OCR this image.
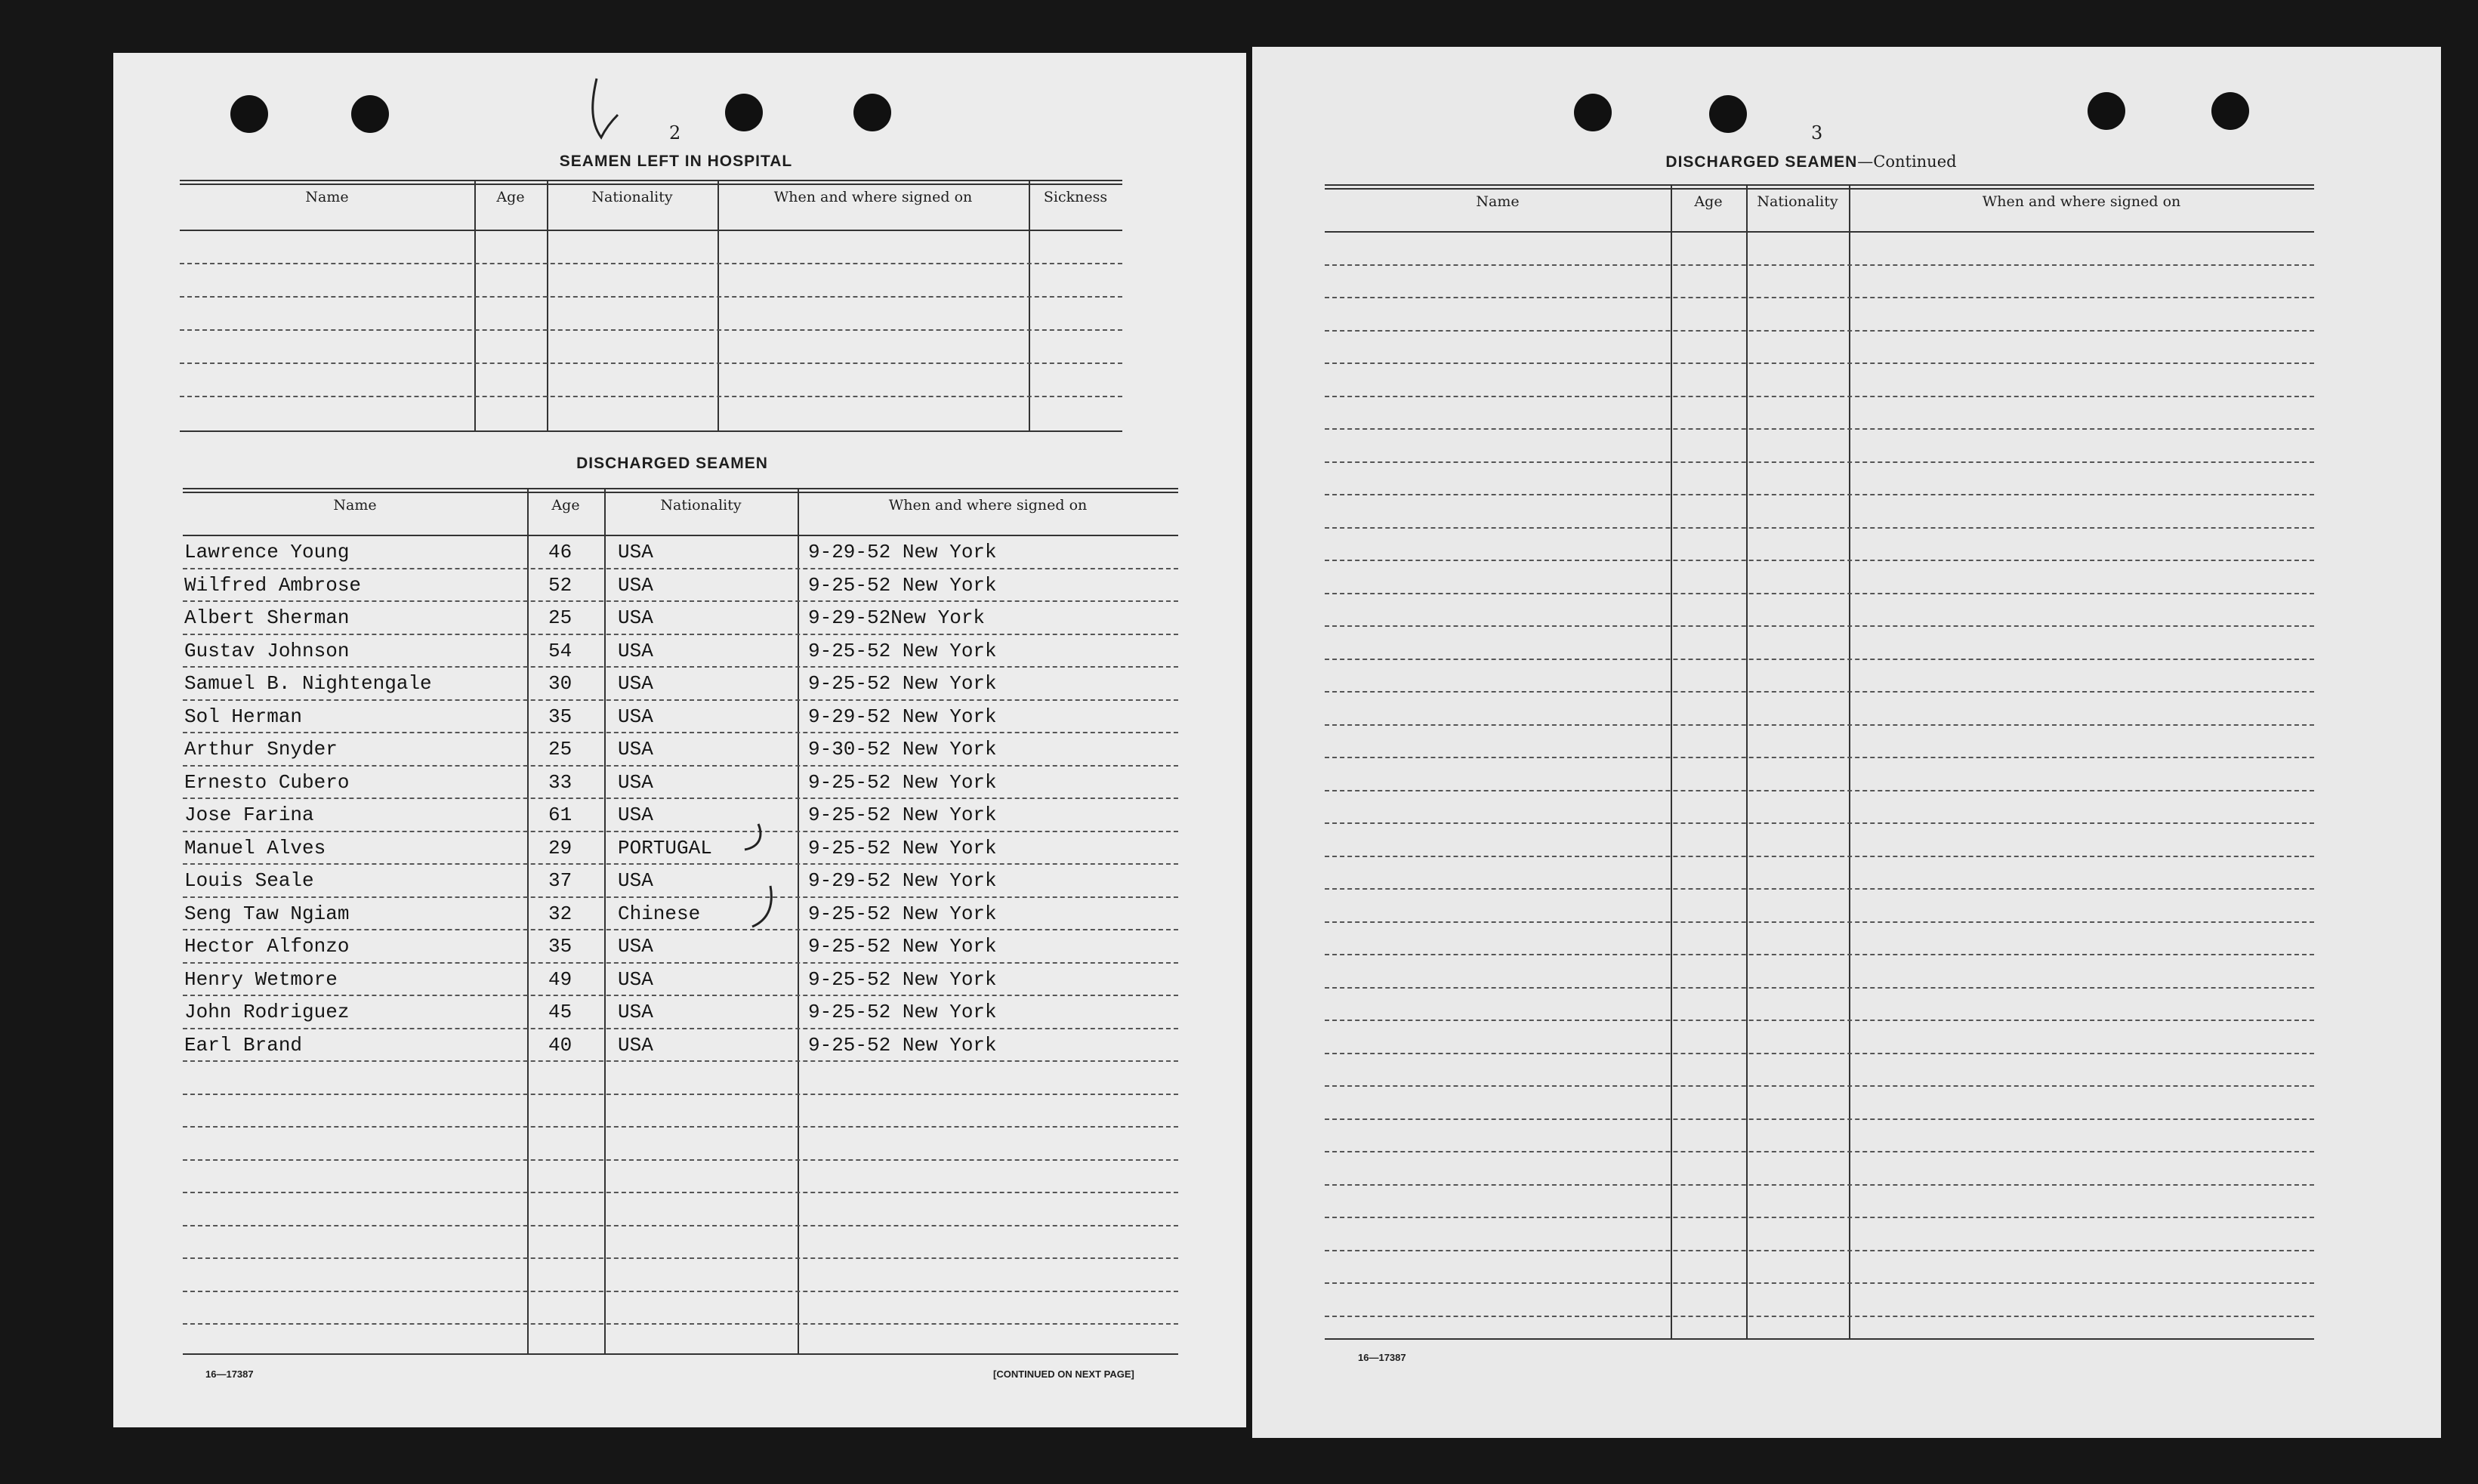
2
SEAMEN LEFT IN HOSPITAL
Name	Age	Nationality	When and where signed on	Sickness
DISCHARGED SEAMEN
Name	Age	Nationality	When and where signed on
Lawrence Young	46 USA	9-29-52 New York
Wilfred Ambrose	52 USA	9-25-52 New York
Albert Sherman	25 USA	9-29-52New York
Gustav Johnson	54 USA	9-25-52 New York
Samuel B. Nightengale	30 USA	9-25-52 New York
Sol Herman	35 USA	9-29-52 New York
Arthur Snyder	25 USA	9-30-52 New York
Ernesto Cubero	33 USA	9-25-52 New York
Jose Farina	61 USA	9-25-52 New York
Manuel Alves	29 PORTUGAL	9-25-52 New York
Louis Seale	37 USA	9-29-52 New York
Seng Taw Ngiam	32 Chinese	9-25-52 New York
Hector Alfonzo	35 USA	9-25-52 New York
Henry Wetmore	49 USA	9-25-52 New York
John Rodriguez	45 USA	9-25-52 New York
Earl Brand	40 USA	9-25-52 New York
16—17387	[CONTINUED ON NEXT PAGE]
3
DISCHARGED SEAMEN—Continued
Name	Age Nationality	When and where signed on
16—17387
